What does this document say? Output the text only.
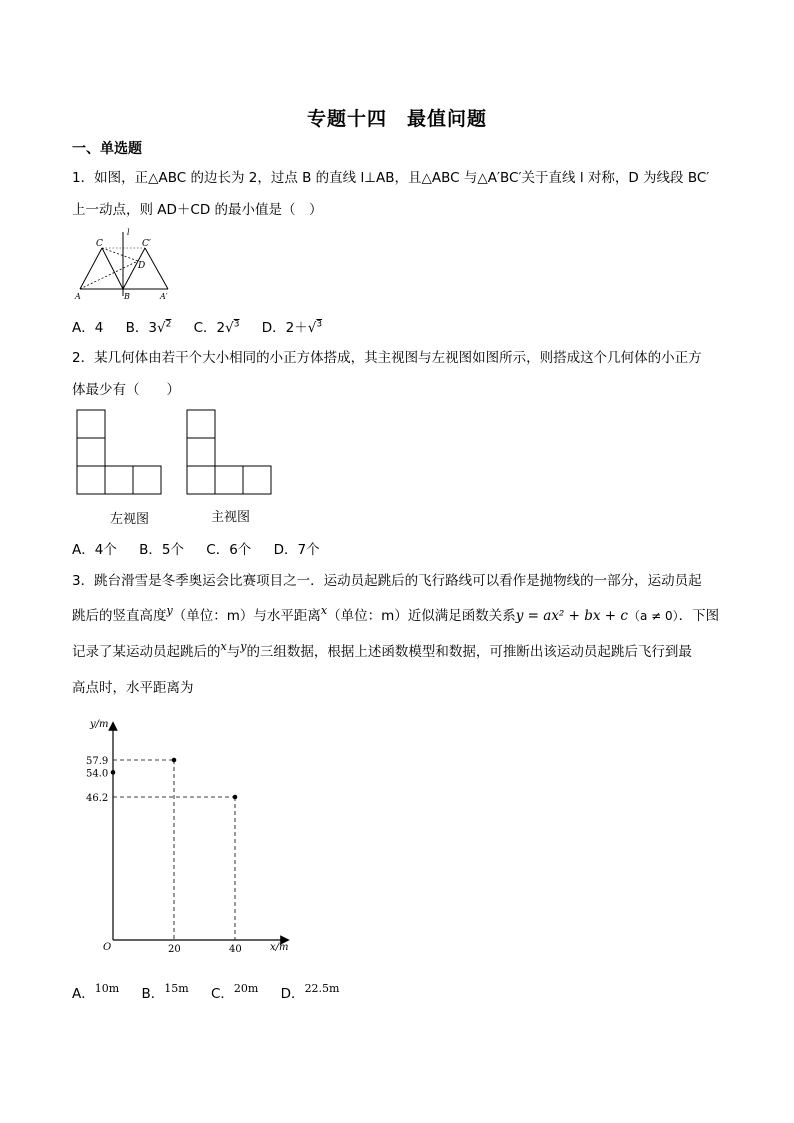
专题十四　最值问题
一、单选题
1．如图，正△ABC 的边长为 2，过点 B 的直线 l⊥AB，且△ABC 与△A′BC′关于直线 l 对称，D 为线段 BC′
上一动点，则 AD＋CD 的最小值是（　）
C	C′
l
D
A	B	A′
A．4 B．3√$^2$ C．2√$^3$ D．2＋√$^3$
2．某几何体由若干个大小相同的小正方体搭成，其主视图与左视图如图所示，则搭成这个几何体的小正方
体最少有（　　）
左视图	主视图
A．4个 B．5个 C．6个 D．7个
3．跳台滑雪是冬季奥运会比赛项目之一．运动员起跳后的飞行路线可以看作是抛物线的一部分，运动员起
跳后的竖直高度$^y$（单位：m）与水平距离$^x$（单位：m）近似满足函数关系y = ax² + bx + c（a ≠ 0）．下图
记录了某运动员起跳后的$^x$与$^y$的三组数据，根据上述函数模型和数据，可推断出该运动员起跳后飞行到最
高点时，水平距离为
y/m
x/m
O
57.9
54.0
46.2
20	40
A．$^{10m}$ B．$^{15m}$ C．$^{20m}$ D．$^{22.5m}$
